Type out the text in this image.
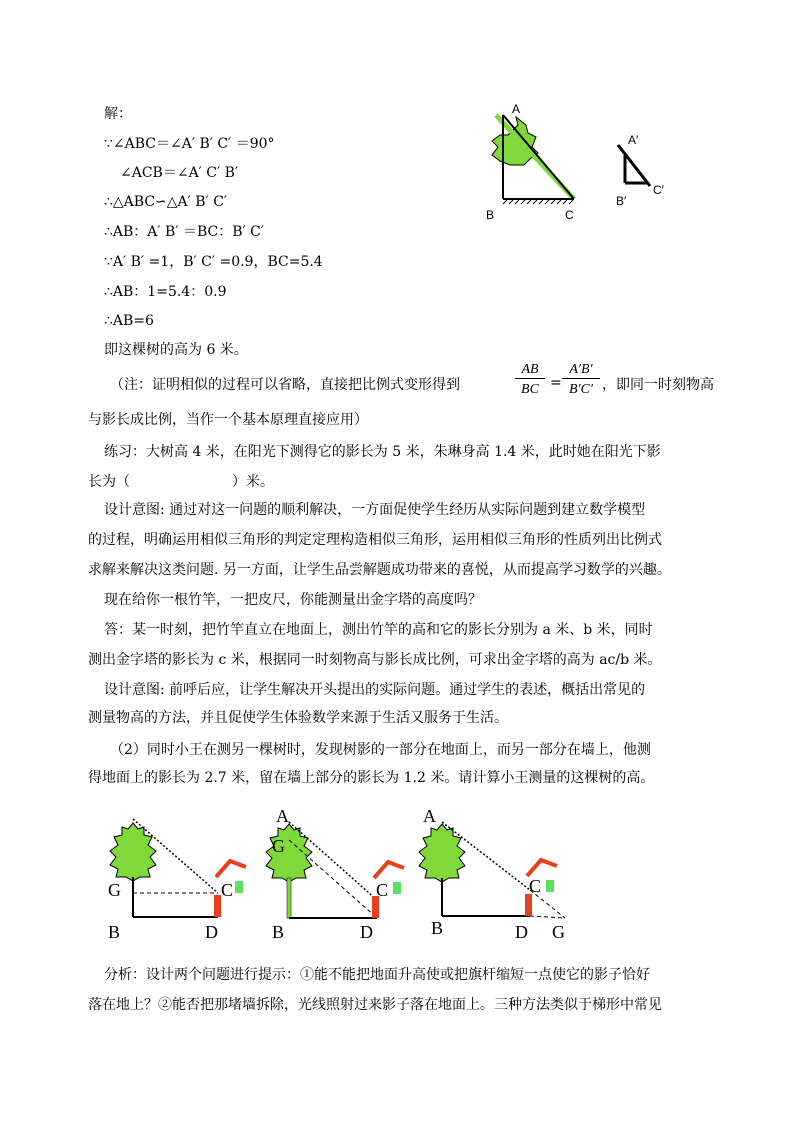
解：
∵∠ABC＝∠A′ B′ C′ ＝90°
∠ACB＝∠A′ C′ B′
∴△ABC∽△A′ B′ C′
∴AB：A′ B′ ＝BC：B′ C′
∵A′ B′ =1，B′ C′ =0.9，BC=5.4
∴AB：1=5.4：0.9
∴AB=6
即这棵树的高为 6 米。
A
B	C
A′
B′
C′
（注：证明相似的过程可以省略，直接把比例式变形得到
AB
BC =
A′B′
B′C′ ，即同一时刻物高
与影长成比例，当作一个基本原理直接应用）
练习：大树高 4 米，在阳光下测得它的影长为 5 米，朱琳身高 1.4 米，此时她在阳光下影
长为（	）米。
设计意图: 通过对这一问题的顺利解决，一方面促使学生经历从实际问题到建立数学模型
的过程，明确运用相似三角形的判定定理构造相似三角形，运用相似三角形的性质列出比例式
求解来解决这类问题. 另一方面，让学生品尝解题成功带来的喜悦，从而提高学习数学的兴趣。
现在给你一根竹竿，一把皮尺，你能测量出金字塔的高度吗？
答：某一时刻，把竹竿直立在地面上，测出竹竿的高和它的影长分别为 a 米、b 米，同时
测出金字塔的影长为 c 米，根据同一时刻物高与影长成比例，可求出金字塔的高为 ac/b 米。
设计意图: 前呼后应，让学生解决开头提出的实际问题。通过学生的表述，概括出常见的
测量物高的方法，并且促使学生体验数学来源于生活又服务于生活。
（2）同时小王在测另一棵树时，发现树影的一部分在地面上，而另一部分在墙上，他测
得地面上的影长为 2.7 米，留在墙上部分的影长为 1.2 米。请计算小王测量的这棵树的高。
G
B	D
C
A
G
B	D
C
A
B	D
C
G
分析：设计两个问题进行提示：①能不能把地面升高使或把旗杆缩短一点使它的影子恰好
落在地上？②能否把那堵墙拆除，光线照射过来影子落在地面上。三种方法类似于梯形中常见
